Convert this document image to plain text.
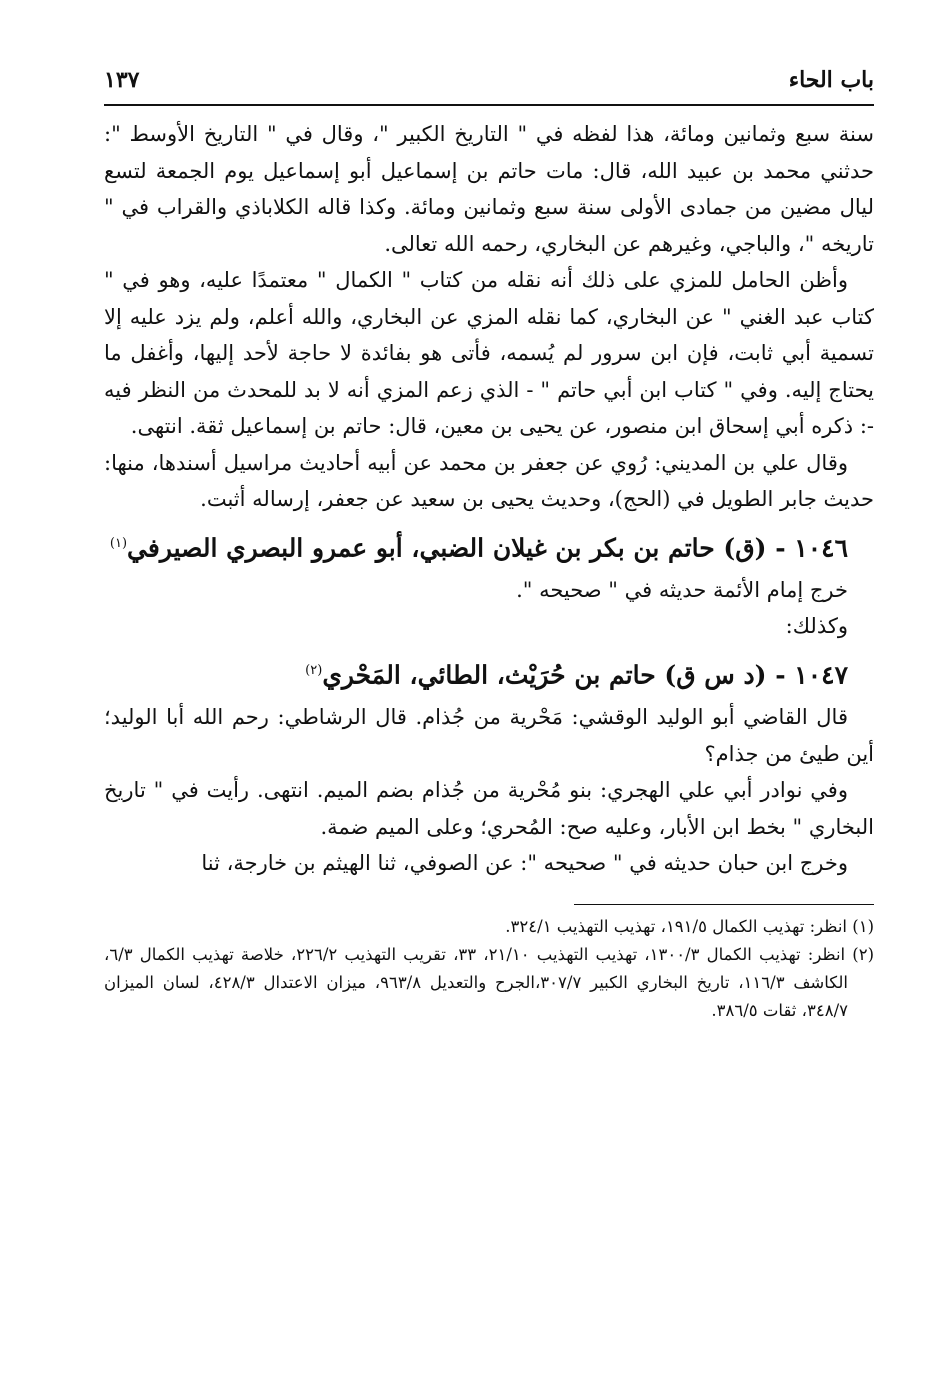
باب الحاء
١٣٧

سنة سبع وثمانين ومائة، هذا لفظه في " التاريخ الكبير "، وقال في " التاريخ الأوسط ": حدثني محمد بن عبيد الله، قال: مات حاتم بن إسماعيل أبو إسماعيل يوم الجمعة لتسع ليال مضين من جمادى الأولى سنة سبع وثمانين ومائة. وكذا قاله الكلاباذي والقراب في " تاريخه "، والباجي، وغيرهم عن البخاري، رحمه الله تعالى.

وأظن الحامل للمزي على ذلك أنه نقله من كتاب " الكمال " معتمدًا عليه، وهو في " كتاب عبد الغني " عن البخاري، كما نقله المزي عن البخاري، والله أعلم، ولم يزد عليه إلا تسمية أبي ثابت، فإن ابن سرور لم يُسمه، فأتى هو بفائدة لا حاجة لأحد إليها، وأغفل ما يحتاج إليه. وفي " كتاب ابن أبي حاتم " - الذي زعم المزي أنه لا بد للمحدث من النظر فيه -: ذكره أبي إسحاق ابن منصور، عن يحيى بن معين، قال: حاتم بن إسماعيل ثقة. انتهى.

وقال علي بن المديني: رُوي عن جعفر بن محمد عن أبيه أحاديث مراسيل أسندها، منها: حديث جابر الطويل في (الحج)، وحديث يحيى بن سعيد عن جعفر، إرساله أثبت.

١٠٤٦ - (ق) حاتم بن بكر بن غيلان الضبي، أبو عمرو البصري الصيرفي$^{(١)}$

خرج إمام الأئمة حديثه في " صحيحه ".

وكذلك:

١٠٤٧ - (د س ق) حاتم بن حُرَيْث، الطائي، المَحْري$^{(٢)}$

قال القاضي أبو الوليد الوقشي: مَحْرية من جُذام. قال الرشاطي: رحم الله أبا الوليد؛ أين طيئ من جذام؟

وفي نوادر أبي علي الهجري: بنو مُحْرية من جُذام بضم الميم. انتهى. رأيت في " تاريخ البخاري " بخط ابن الأبار، وعليه صح: المُحري؛ وعلى الميم ضمة.

وخرج ابن حبان حديثه في " صحيحه ": عن الصوفي، ثنا الهيثم بن خارجة، ثنا

(١) انظر: تهذيب الكمال ١٩١/٥، تهذيب التهذيب ٣٢٤/١.

(٢) انظر: تهذيب الكمال ١٣٠٠/٣، تهذيب التهذيب ٢١/١٠، ٣٣، تقريب التهذيب ٢٢٦/٢، خلاصة تهذيب الكمال ٦/٣، الكاشف ١١٦/٣، تاريخ البخاري الكبير ٣٠٧/٧،الجرح والتعديل ٩٦٣/٨، ميزان الاعتدال ٤٢٨/٣، لسان الميزان ٣٤٨/٧، ثقات ٣٨٦/٥.
